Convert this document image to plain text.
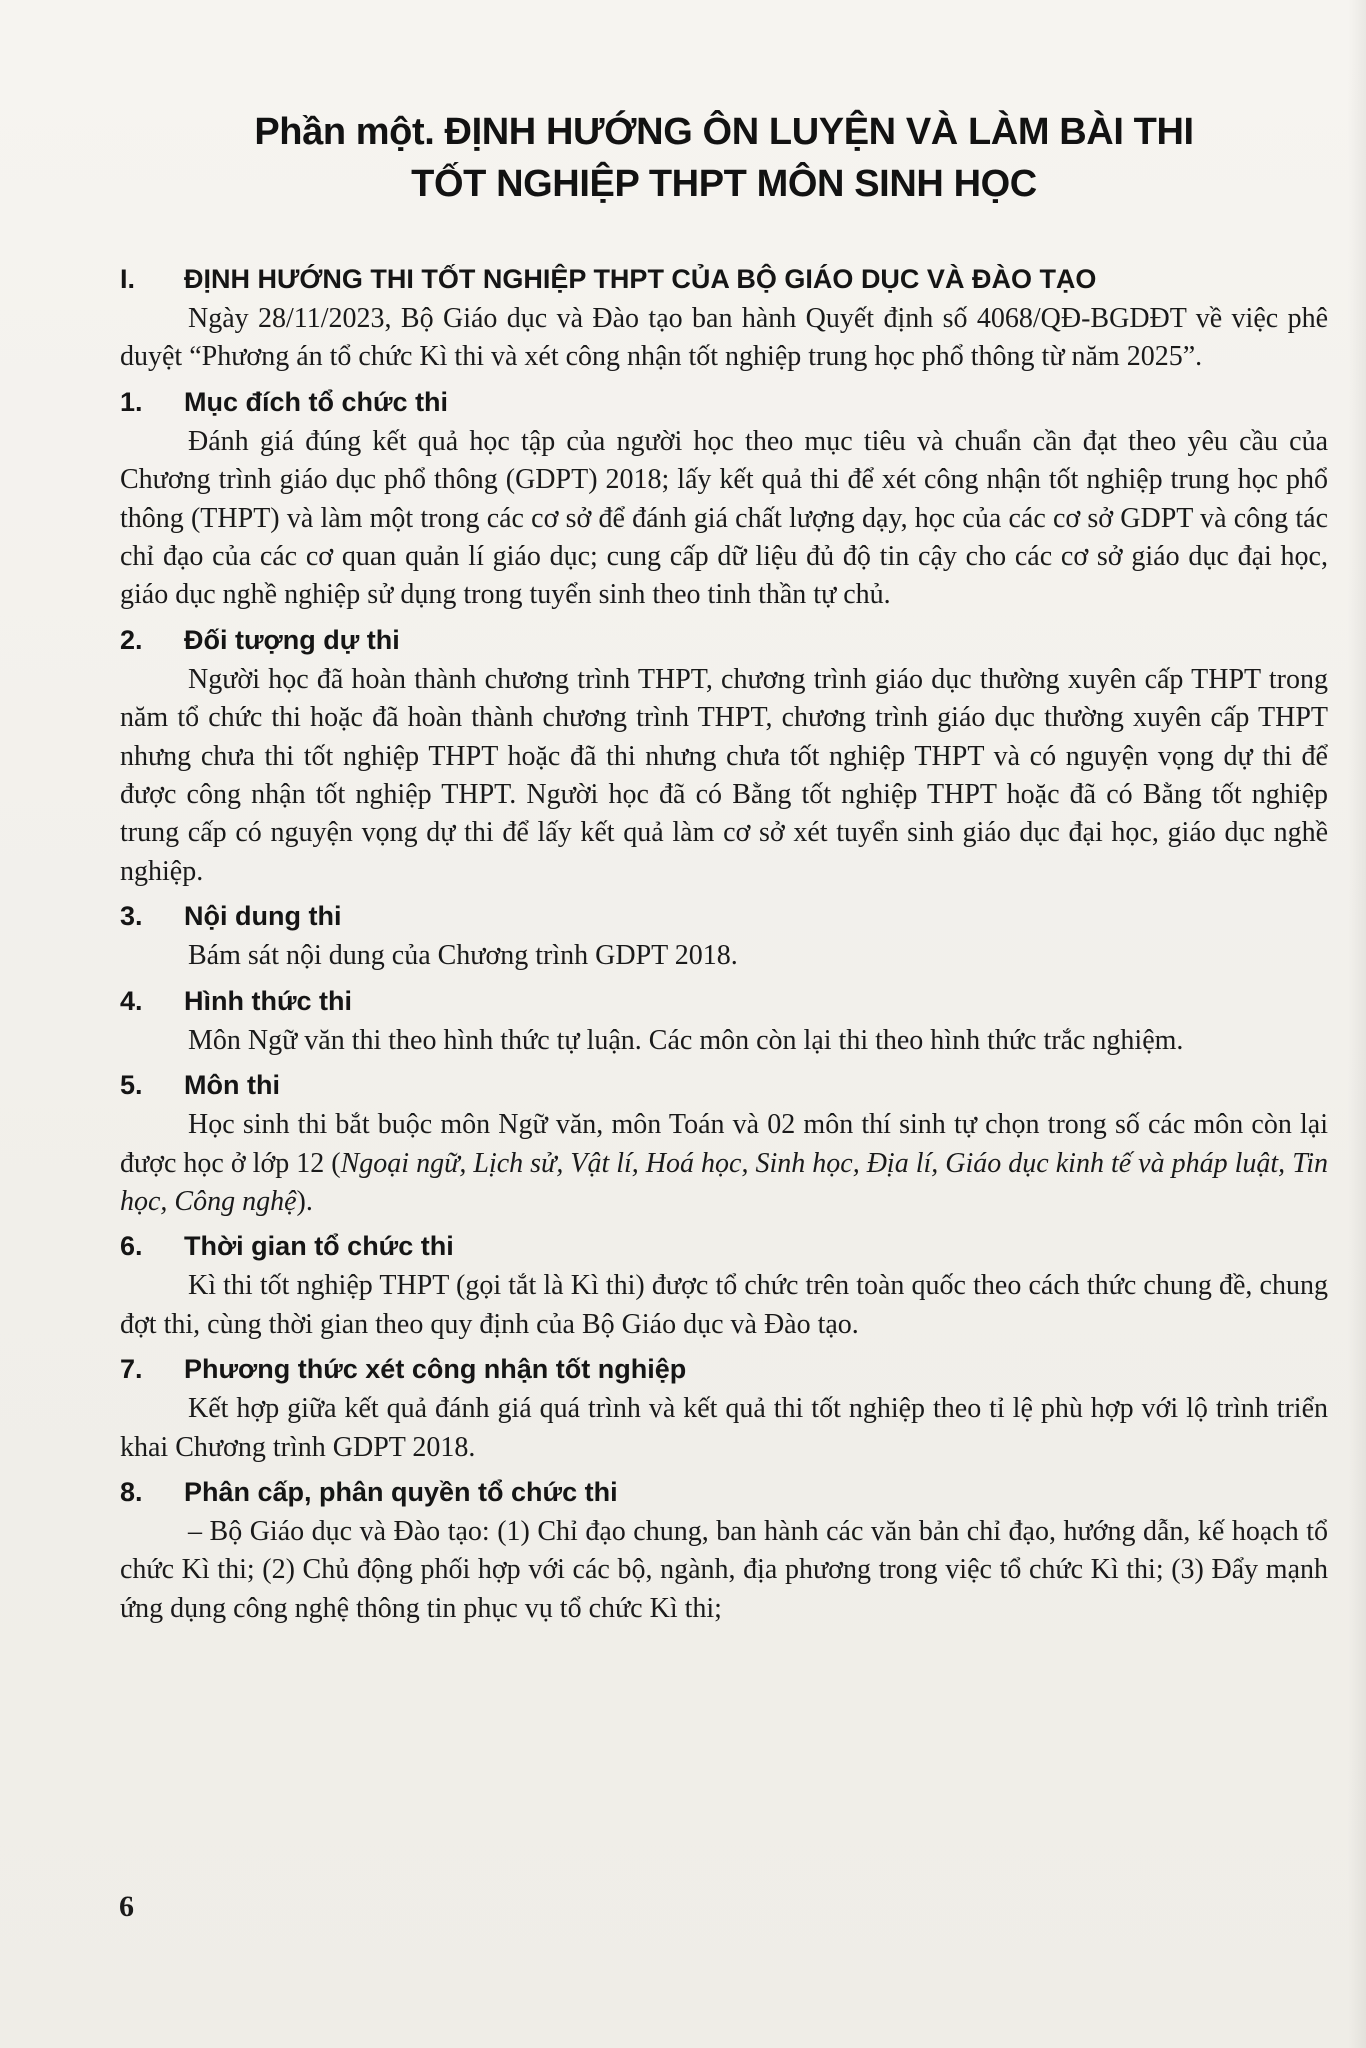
Phần một. ĐỊNH HƯỚNG ÔN LUYỆN VÀ LÀM BÀI THI
TỐT NGHIỆP THPT MÔN SINH HỌC
I.	ĐỊNH HƯỚNG THI TỐT NGHIỆP THPT CỦA BỘ GIÁO DỤC VÀ ĐÀO TẠO

Ngày 28/11/2023, Bộ Giáo dục và Đào tạo ban hành Quyết định số 4068/QĐ-BGDĐT về việc phê duyệt “Phương án tổ chức Kì thi và xét công nhận tốt nghiệp trung học phổ thông từ năm 2025”.

1.	Mục đích tổ chức thi

Đánh giá đúng kết quả học tập của người học theo mục tiêu và chuẩn cần đạt theo yêu cầu của Chương trình giáo dục phổ thông (GDPT) 2018; lấy kết quả thi để xét công nhận tốt nghiệp trung học phổ thông (THPT) và làm một trong các cơ sở để đánh giá chất lượng dạy, học của các cơ sở GDPT và công tác chỉ đạo của các cơ quan quản lí giáo dục; cung cấp dữ liệu đủ độ tin cậy cho các cơ sở giáo dục đại học, giáo dục nghề nghiệp sử dụng trong tuyển sinh theo tinh thần tự chủ.

2.	Đối tượng dự thi

Người học đã hoàn thành chương trình THPT, chương trình giáo dục thường xuyên cấp THPT trong năm tổ chức thi hoặc đã hoàn thành chương trình THPT, chương trình giáo dục thường xuyên cấp THPT nhưng chưa thi tốt nghiệp THPT hoặc đã thi nhưng chưa tốt nghiệp THPT và có nguyện vọng dự thi để được công nhận tốt nghiệp THPT. Người học đã có Bằng tốt nghiệp THPT hoặc đã có Bằng tốt nghiệp trung cấp có nguyện vọng dự thi để lấy kết quả làm cơ sở xét tuyển sinh giáo dục đại học, giáo dục nghề nghiệp.

3.	Nội dung thi

Bám sát nội dung của Chương trình GDPT 2018.

4.	Hình thức thi

Môn Ngữ văn thi theo hình thức tự luận. Các môn còn lại thi theo hình thức trắc nghiệm.

5.	Môn thi

Học sinh thi bắt buộc môn Ngữ văn, môn Toán và 02 môn thí sinh tự chọn trong số các môn còn lại được học ở lớp 12 (Ngoại ngữ, Lịch sử, Vật lí, Hoá học, Sinh học, Địa lí, Giáo dục kinh tế và pháp luật, Tin học, Công nghệ).

6.	Thời gian tổ chức thi

Kì thi tốt nghiệp THPT (gọi tắt là Kì thi) được tổ chức trên toàn quốc theo cách thức chung đề, chung đợt thi, cùng thời gian theo quy định của Bộ Giáo dục và Đào tạo.

7.	Phương thức xét công nhận tốt nghiệp

Kết hợp giữa kết quả đánh giá quá trình và kết quả thi tốt nghiệp theo tỉ lệ phù hợp với lộ trình triển khai Chương trình GDPT 2018.

8.	Phân cấp, phân quyền tổ chức thi

– Bộ Giáo dục và Đào tạo: (1) Chỉ đạo chung, ban hành các văn bản chỉ đạo, hướng dẫn, kế hoạch tổ chức Kì thi; (2) Chủ động phối hợp với các bộ, ngành, địa phương trong việc tổ chức Kì thi; (3) Đẩy mạnh ứng dụng công nghệ thông tin phục vụ tổ chức Kì thi;

6
